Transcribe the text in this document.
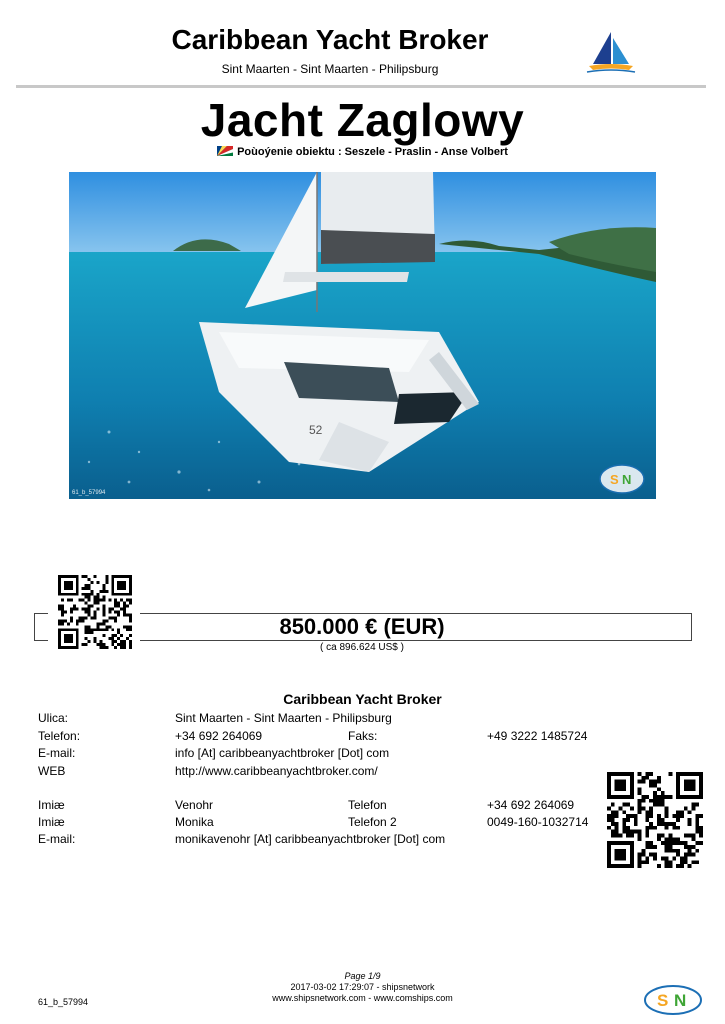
Caribbean Yacht Broker
Sint Maarten - Sint Maarten - Philipsburg
Jacht Zaglowy
Poùoýenie obiektu : Seszele - Praslin - Anse Volbert
52
S N
61_b_57994
850.000 € (EUR)
( ca 896.624 US$ )
Caribbean Yacht Broker
Ulica:	Sint Maarten - Sint Maarten - Philipsburg
Telefon:	+34 692 264069	Faks:	+49 3222 1485724
E-mail:	info [At] caribbeanyachtbroker [Dot] com
WEB	http://www.caribbeanyachtbroker.com/
Imiæ	Venohr	Telefon	+34 692 264069
Imiæ	Monika	Telefon 2	0049-160-1032714
E-mail:	monikavenohr [At] caribbeanyachtbroker [Dot] com
Page 1/9
2017-03-02 17:29:07 - shipsnetwork
www.shipsnetwork.com - www.comships.com
61_b_57994	S N
